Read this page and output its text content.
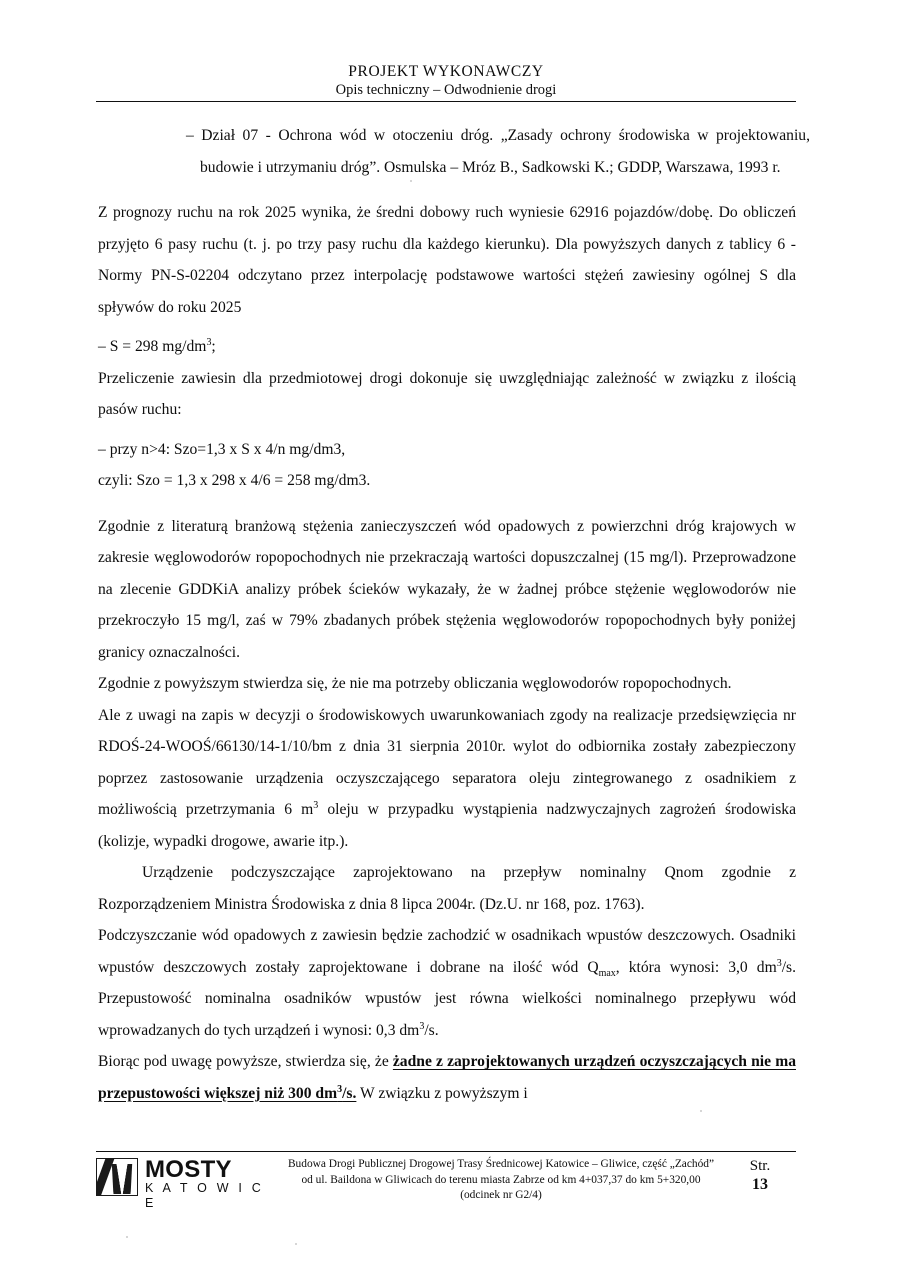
PROJEKT WYKONAWCZY
Opis techniczny – Odwodnienie drogi
– Dział 07 - Ochrona wód w otoczeniu dróg. „Zasady ochrony środowiska w projektowaniu, budowie i utrzymaniu dróg”. Osmulska – Mróz B., Sadkowski K.; GDDP, Warszawa, 1993 r.

Z prognozy ruchu na rok 2025 wynika, że średni dobowy ruch wyniesie 62916 pojazdów/dobę. Do obliczeń przyjęto 6 pasy ruchu (t. j. po trzy pasy ruchu dla każdego kierunku). Dla powyższych danych z tablicy 6 - Normy PN-S-02204 odczytano przez interpolację podstawowe wartości stężeń zawiesiny ogólnej S dla spływów do roku 2025

– S = 298 $mg/dm^3$;

Przeliczenie zawiesin dla przedmiotowej drogi dokonuje się uwzględniając zależność w związku z ilością pasów ruchu:

– przy n>4: Szo=1,3 x S x 4/n mg/dm3,

czyli: Szo = 1,3 x 298 x 4/6 = 258 mg/dm3.

Zgodnie z literaturą branżową stężenia zanieczyszczeń wód opadowych z powierzchni dróg krajowych w zakresie węglowodorów ropopochodnych nie przekraczają wartości dopuszczalnej (15 mg/l). Przeprowadzone na zlecenie GDDKiA analizy próbek ścieków wykazały, że w żadnej próbce stężenie węglowodorów nie przekroczyło 15 mg/l, zaś w 79% zbadanych próbek stężenia węglowodorów ropopochodnych były poniżej granicy oznaczalności.

Zgodnie z powyższym stwierdza się, że nie ma potrzeby obliczania węglowodorów ropopochodnych.

Ale z uwagi na zapis w decyzji o środowiskowych uwarunkowaniach zgody na realizacje przedsięwzięcia nr RDOŚ-24-WOOŚ/66130/14-1/10/bm z dnia 31 sierpnia 2010r. wylot do odbiornika zostały zabezpieczony poprzez zastosowanie urządzenia oczyszczającego separatora oleju zintegrowanego z osadnikiem z możliwością przetrzymania 6 $m^3$ oleju w przypadku wystąpienia nadzwyczajnych zagrożeń środowiska (kolizje, wypadki drogowe, awarie itp.).

Urządzenie podczyszczające zaprojektowano na przepływ nominalny Qnom zgodnie z Rozporządzeniem Ministra Środowiska z dnia 8 lipca 2004r. (Dz.U. nr 168, poz. 1763).

Podczyszczanie wód opadowych z zawiesin będzie zachodzić w osadnikach wpustów deszczowych. Osadniki wpustów deszczowych zostały zaprojektowane i dobrane na ilość wód $Q_{max}$, która wynosi: 3,0 $dm^3/s$. Przepustowość nominalna osadników wpustów jest równa wielkości nominalnego przepływu wód wprowadzanych do tych urządzeń i wynosi: 0,3 $dm^3/s$.

Biorąc pod uwagę powyższe, stwierdza się, że żadne z zaprojektowanych urządzeń oczyszczających nie ma przepustowości większej niż 300 $dm^3/s$. W związku z powyższym i

MOSTY
K A T O W I C E
Budowa Drogi Publicznej Drogowej Trasy Średnicowej Katowice – Gliwice, część „Zachód”
od ul. Baildona w Gliwicach do terenu miasta Zabrze od km 4+037,37 do km 5+320,00
(odcinek nr G2/4)
Str.
13
